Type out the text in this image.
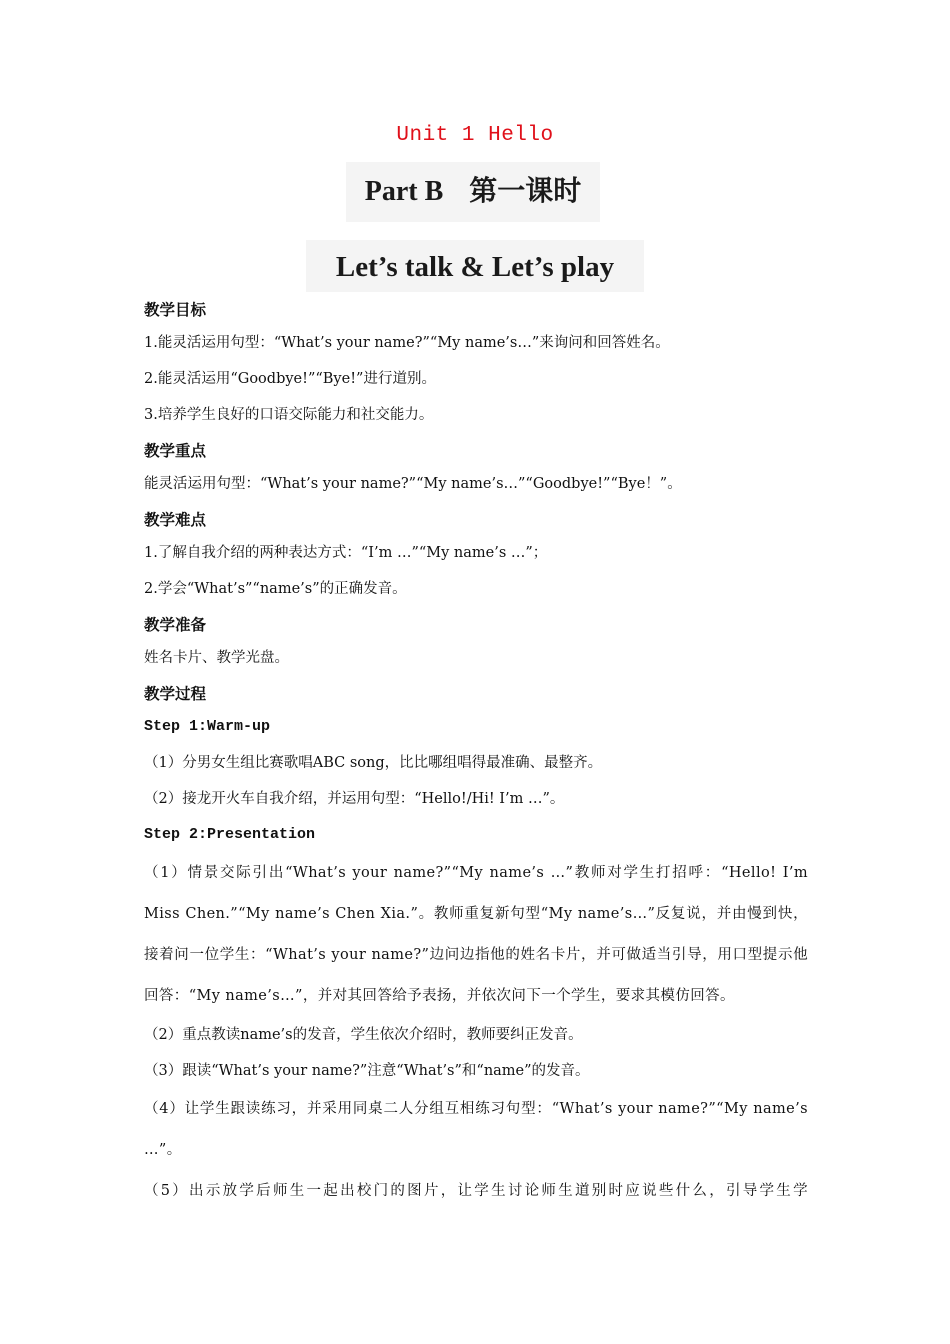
Unit 1 Hello
Part B 第一课时
Let’s talk & Let’s play

教学目标

1.能灵活运用句型：“What’s your name?”“My name’s…”来询问和回答姓名。

2.能灵活运用“Goodbye!”“Bye!”进行道别。

3.培养学生良好的口语交际能力和社交能力。

教学重点

能灵活运用句型：“What’s your name?”“My name’s…”“Goodbye!”“Bye！”。

教学难点

1.了解自我介绍的两种表达方式：“I’m …”“My name’s …”；

2.学会“What’s”“name’s”的正确发音。

教学准备

姓名卡片、教学光盘。

教学过程

Step 1:Warm-up

（1）分男女生组比赛歌唱ABC song，比比哪组唱得最准确、最整齐。

（2）接龙开火车自我介绍，并运用句型：“Hello!/Hi! I’m …”。

Step 2:Presentation

（1）情景交际引出“What’s your name?”“My name’s …”教师对学生打招呼：“Hello! I’m Miss Chen.”“My name’s Chen Xia.”。教师重复新句型“My name’s…”反复说，并由慢到快，接着问一位学生：“What’s your name?”边问边指他的姓名卡片，并可做适当引导，用口型提示他回答：“My name’s…”，并对其回答给予表扬，并依次问下一个学生，要求其模仿回答。

（2）重点教读name’s的发音，学生依次介绍时，教师要纠正发音。

（3）跟读“What’s your name?”注意“What’s”和“name”的发音。

（4）让学生跟读练习，并采用同桌二人分组互相练习句型：“What’s your name?”“My name’s …”。

（5）出示放学后师生一起出校门的图片，让学生讨论师生道别时应说些什么，引导学生学
